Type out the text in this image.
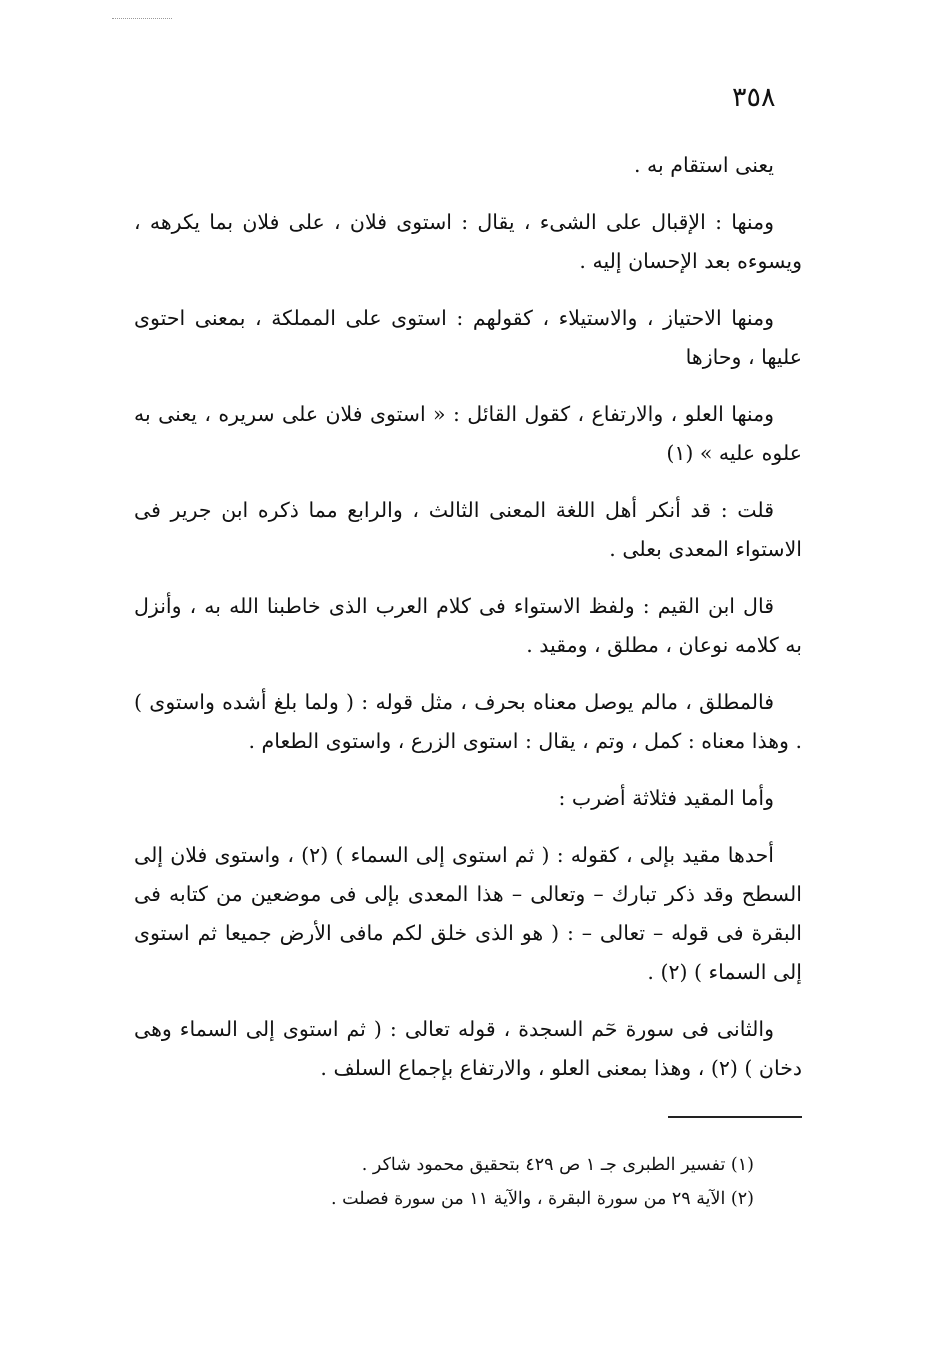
٣٥٨

يعنى استقام به .

ومنها : الإقبال على الشىء ، يقال : استوى فلان ، على فلان بما يكرهه ، ويسوءه بعد الإحسان إليه .

ومنها الاحتياز ، والاستيلاء ، كقولهم : استوى على المملكة ، بمعنى احتوى عليها ، وحازها

ومنها العلو ، والارتفاع ، كقول القائل : « استوى فلان على سريره ، يعنى به علوه عليه » (١)

قلت : قد أنكر أهل اللغة المعنى الثالث ، والرابع مما ذكره ابن جرير فى الاستواء المعدى بعلى .

قال ابن القيم : ولفظ الاستواء فى كلام العرب الذى خاطبنا الله به ، وأنزل به كلامه نوعان ، مطلق ، ومقيد .

فالمطلق ، مالم يوصل معناه بحرف ، مثل قوله : ( ولما بلغ أشده واستوى ) . وهذا معناه : كمل ، وتم ، يقال : استوى الزرع ، واستوى الطعام .

وأما المقيد فثلاثة أضرب :

أحدها مقيد بإلى ، كقوله : ( ثم استوى إلى السماء ) (٢) ، واستوى فلان إلى السطح وقد ذكر تبارك – وتعالى – هذا المعدى بإلى فى موضعين من كتابه فى البقرة فى قوله – تعالى – : ( هو الذى خلق لكم مافى الأرض جميعا ثم استوى إلى السماء ) (٢) .

والثانى فى سورة حٓم السجدة ، قوله تعالى : ( ثم استوى إلى السماء وهى دخان ) (٢) ، وهذا بمعنى العلو ، والارتفاع بإجماع السلف .

(١) تفسير الطبرى جـ ١ ص ٤٢٩ بتحقيق محمود شاكر .
(٢) الآية ٢٩ من سورة البقرة ، والآية ١١ من سورة فصلت .
